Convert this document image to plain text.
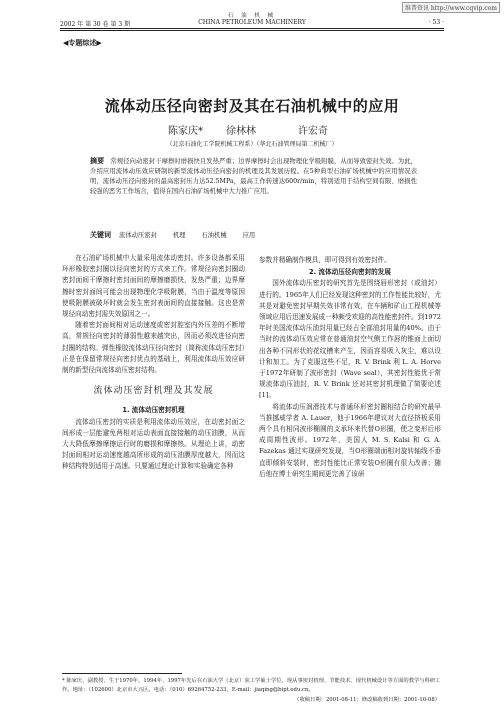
维普资讯 http://www.cqvip.com
石 油 机 械
2002 年 第 30 卷 第 3 期	· 53 ·
CHINA PETROLEUM MACHINERY
◀专题综述▶
流体动压径向密封及其在石油机械中的应用
陈家庆* 徐林林	许宏奇
（北京石油化工学院机械工程系）（华北石油管理局第二机械厂）
摘要 常规径向动密封干摩擦时磨损快且发热严重；边界摩擦时会出现物理化学吸附膜，从而导致密封失效。为此，介绍应用流体动压效应研制的新型流体动压径向密封的机理及其发展历程。在5种典型石油矿场机械中的应用情况表明，流体动压径向密封的最高密封压力达52.5MPa，最高工作转速达600r/min，特别适用于结构空间有限、磨损性较强的恶劣工作场合，值得在国内石油矿场机械中大力推广应用。
关键词 流体动压密封	机理	石油机械	应用

在石油矿场机械中大量采用流体动密封。许多设备都采用环形橡胶密封圈以径向密封的方式来工作。常规径向密封圈动密封面间干摩擦时密封面间的摩擦磨损快，发热严重；边界摩擦时密封面间可能会出现物理化学吸附膜，当由于温度等原因使吸附膜被破坏时就会发生密封表面间的直接接触。这也是常规径向动密封需失效原因之一。

随着密封面间相对运动速度或密封腔室内外压差的不断增高，常规径向密封的薄弱性越来越突出，因而必须改进径向密封圈的结构。弹性橡胶流体动压径向密封（简称流体动压密封）正是在保留常规径向密封优点的基础上，利用流体动压效应研制的新型径向流体动压密封结构。

流体动压密封机理及其发展
1. 流体动压密封机理

流体动压密封的实质是利用流体动压效应，在动密封面之间形成一层能避免两相对运动表面直接接触的动压油膜，从而大大降低摩擦摩擦运行时的磨损和摩擦热。从理论上讲，动密封面间相对运动速度越高所形成的动压油膜厚度越大，因而这种结构特别适用于高速。只要通过理论计算和实验确定各种

参数并精确制作模具，即可得到有效密封件。

2. 流体动压径向密封的发展

国外流体动压密封的研究首先是围绕唇形密封（或油封）进行的。1965年人们已经发现这种密封的工作性能比较好，尤其是对避免密封早期失效非常有效，在车辆和矿山工程机械等领域应用后迅速发展成一种颇受欢迎的高性能密封件。到1972年时美国流体动压油封用量已经占全部油封用量的40%。由于当时的流体动压效应常在普通油封空气侧工作唇的锥面上面切出各种不同形状的花纹槽来产生，因而容易吸入灰尘，难以设计和加工。为了克服这些不足，R. V. Brink 利 L. A. Horve 于1972年研制了波形密封（Wave seal），其密封性能优于常规流体动压油封，R. V. Brink 还对其密封机理做了简要论述[1]。

将流体动压润滑技术与普通环形密封圈相结合的研究最早当推挪威学者 A. Lauer，他于1966年建议对大直径挤板采用两个具有相同波形椭圆的支承环来代替O形圈，使之变形后形成周期性波形。1972年，美国人 M. S. Kalsi 和 G. A. Fazekas 通过实现研究发现，当O形圈端面相对旋转轴线不垂直即倾斜安装时，密封性能比正常安装O形圈有很大改善；随后他在博士研究生期间更完善了该研

* 陈家庆，副教授，生于1970年，1994年、1997年先后在石油大学（北京）获工学硕士学位，现从事密封机理、节能技术、现代机械设计等方面的教学与科研工作。地址：（102600）北京市大兴区。电话：（010）69264752-233，E-mail：jiaqing@bipt.edu.cn。
（收稿日期：2001-08-11；修改稿收到日期：2001-10-08）
